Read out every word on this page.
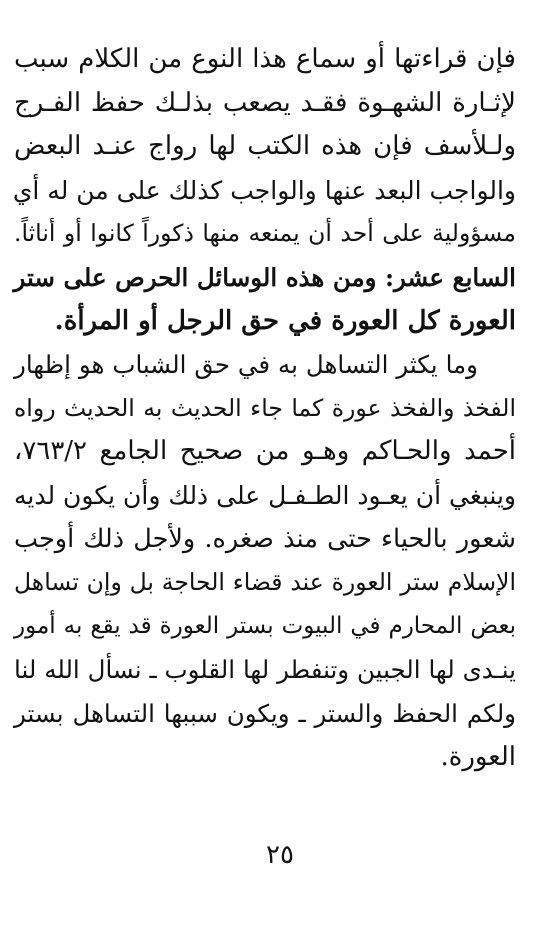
فإن قراءتها أو سماع هذا النوع من الكلام سبب
لإثـارة الشهـوة فقـد يصعب بذلـك حفظ الفـرج
ولـلأسف فإن هذه الكتب لها رواج عنـد البعض
والواجب البعد عنها والواجب كذلك على من له أي
مسؤولية على أحد أن يمنعه منها ذكوراً كانوا أو أناثاً.
السابع عشر: ومن هذه الوسائل الحرص على ستر
العورة كل العورة في حق الرجل أو المرأة.
وما يكثر التساهل به في حق الشباب هو إظهار
الفخذ والفخذ عورة كما جاء الحديث به الحديث رواه
أحمد والحـاكم وهـو من صحيح الجامع ٧٦٣/٢،
وينبغي أن يعـود الطـفـل على ذلك وأن يكون لديه
شعور بالحياء حتى منذ صغره. ولأجل ذلك أوجب
الإسلام ستر العورة عند قضاء الحاجة بل وإن تساهل
بعض المحارم في البيوت بستر العورة قد يقع به أمور
ينـدى لها الجبين وتنفطر لها القلوب ـ نسأل الله لنا
ولكم الحفظ والستر ـ ويكون سببها التساهل بستر
العورة.
٢٥
